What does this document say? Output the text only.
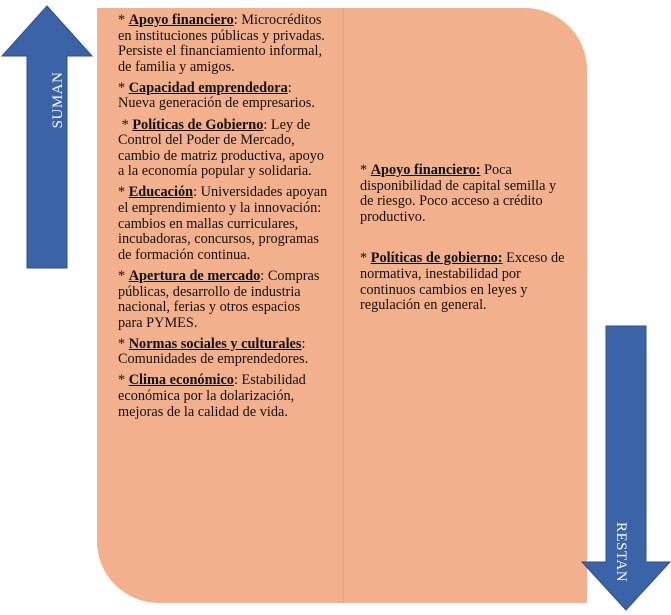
SUMAN
RESTAN
* Apoyo financiero: Microcréditos en instituciones públicas y privadas. Persiste el financiamiento informal, de familia y amigos.
* Capacidad emprendedora: Nueva generación de empresarios.
* Políticas de Gobierno: Ley de Control del Poder de Mercado, cambio de matriz productiva, apoyo a la economía popular y solidaria.
* Educación: Universidades apoyan el emprendimiento y la innovación: cambios en mallas curriculares, incubadoras, concursos, programas de formación continua.
* Apertura de mercado: Compras públicas, desarrollo de industria nacional, ferias y otros espacios para PYMES.
* Normas sociales y culturales: Comunidades de emprendedores.
* Clima económico: Estabilidad económica por la dolarización, mejoras de la calidad de vida.
* Apoyo financiero: Poca disponibilidad de capital semilla y de riesgo. Poco acceso a crédito productivo.
* Políticas de gobierno: Exceso de normativa, inestabilidad por continuos cambios en leyes y regulación en general.
